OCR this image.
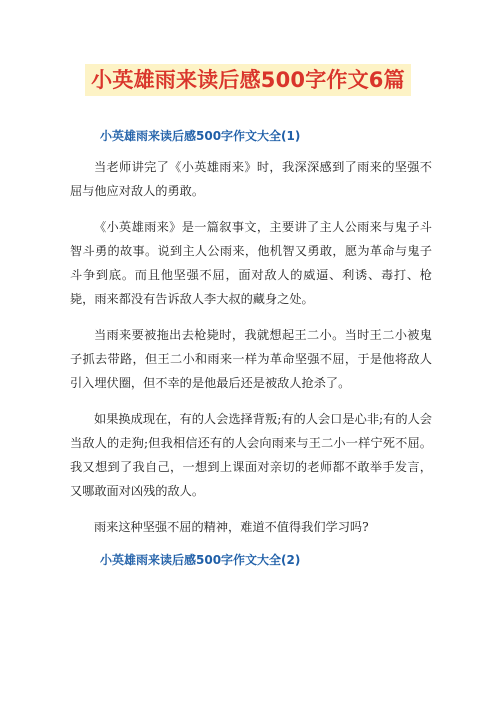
小英雄雨来读后感500字作文6篇
小英雄雨来读后感500字作文大全(1)

当老师讲完了《小英雄雨来》时，我深深感到了雨来的坚强不屈与他应对敌人的勇敢。

《小英雄雨来》是一篇叙事文，主要讲了主人公雨来与鬼子斗智斗勇的故事。说到主人公雨来，他机智又勇敢，愿为革命与鬼子斗争到底。而且他坚强不屈，面对敌人的威逼、利诱、毒打、枪毙，雨来都没有告诉敌人李大叔的藏身之处。

当雨来要被拖出去枪毙时，我就想起王二小。当时王二小被鬼子抓去带路，但王二小和雨来一样为革命坚强不屈，于是他将敌人引入埋伏圈，但不幸的是他最后还是被敌人抢杀了。

如果换成现在，有的人会选择背叛;有的人会口是心非;有的人会当敌人的走狗;但我相信还有的人会向雨来与王二小一样宁死不屈。我又想到了我自己，一想到上课面对亲切的老师都不敢举手发言，又哪敢面对凶残的敌人。

雨来这种坚强不屈的精神，难道不值得我们学习吗?

小英雄雨来读后感500字作文大全(2)
